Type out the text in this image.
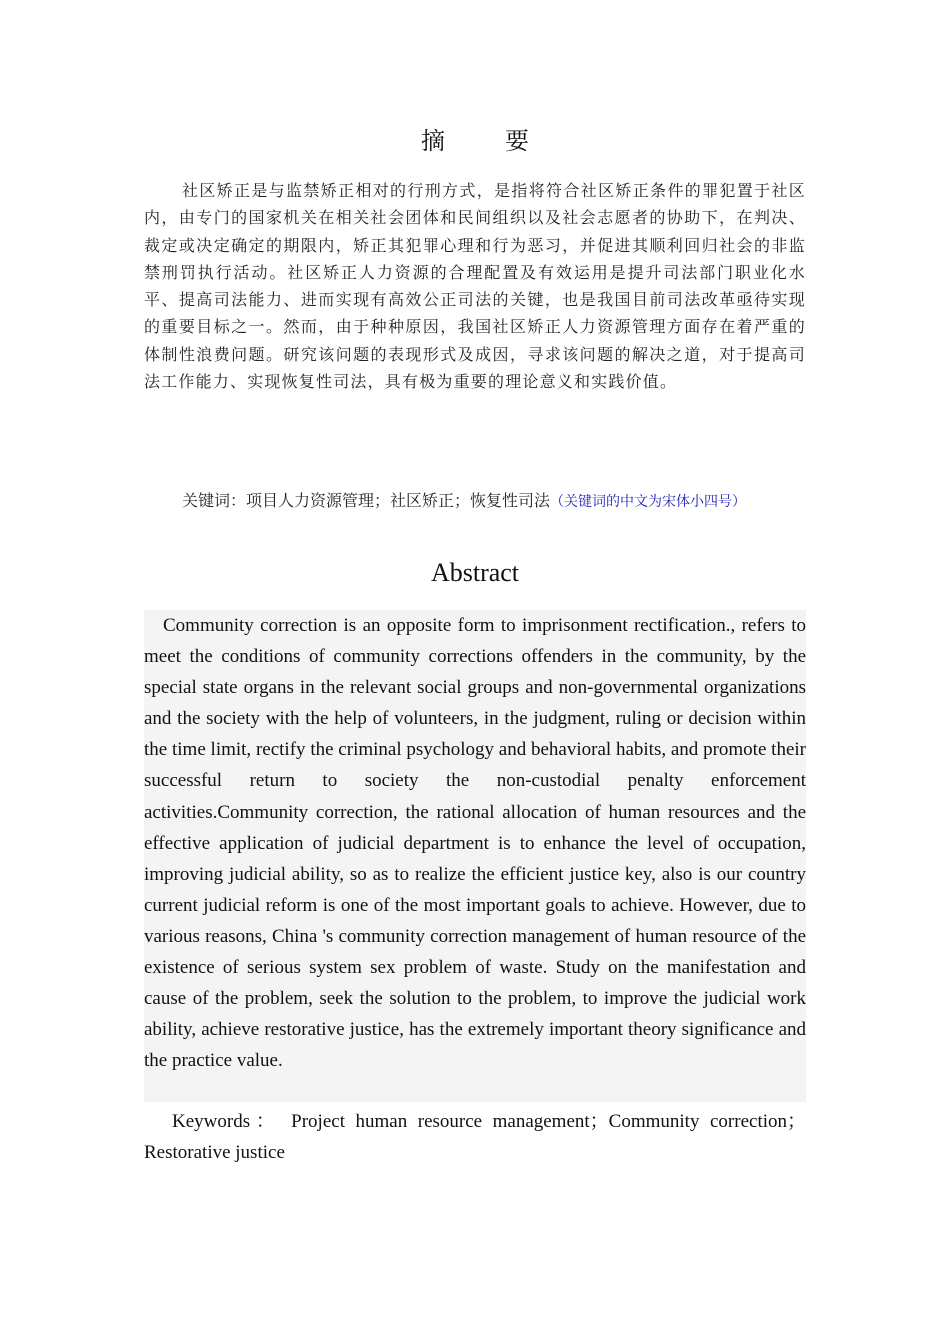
摘　要

社区矫正是与监禁矫正相对的行刑方式，是指将符合社区矫正条件的罪犯置于社区内，由专门的国家机关在相关社会团体和民间组织以及社会志愿者的协助下，在判决、裁定或决定确定的期限内，矫正其犯罪心理和行为恶习，并促进其顺利回归社会的非监禁刑罚执行活动。社区矫正人力资源的合理配置及有效运用是提升司法部门职业化水平、提高司法能力、进而实现有高效公正司法的关键，也是我国目前司法改革亟待实现的重要目标之一。然而，由于种种原因，我国社区矫正人力资源管理方面存在着严重的体制性浪费问题。研究该问题的表现形式及成因，寻求该问题的解决之道，对于提高司法工作能力、实现恢复性司法，具有极为重要的理论意义和实践价值。

关键词：项目人力资源管理；社区矫正；恢复性司法（关键词的中文为宋体小四号）

Abstract

Community correction is an opposite form to imprisonment rectification., refers to meet the conditions of community corrections offenders in the community, by the special state organs in the relevant social groups and non-governmental organizations and the society with the help of volunteers, in the judgment, ruling or decision within the time limit, rectify the criminal psychology and behavioral habits, and promote their successful return to society the non-custodial penalty enforcement activities.Community correction, the rational allocation of human resources and the effective application of judicial department is to enhance the level of occupation, improving judicial ability, so as to realize the efficient justice key, also is our country current judicial reform is one of the most important goals to achieve. However, due to various reasons, China 's community correction management of human resource of the existence of serious system sex problem of waste. Study on the manifestation and cause of the problem, seek the solution to the problem, to improve the judicial work ability, achieve restorative justice, has the extremely important theory significance and the practice value.

Keywords： Project human resource management；Community correction；Restorative justice
